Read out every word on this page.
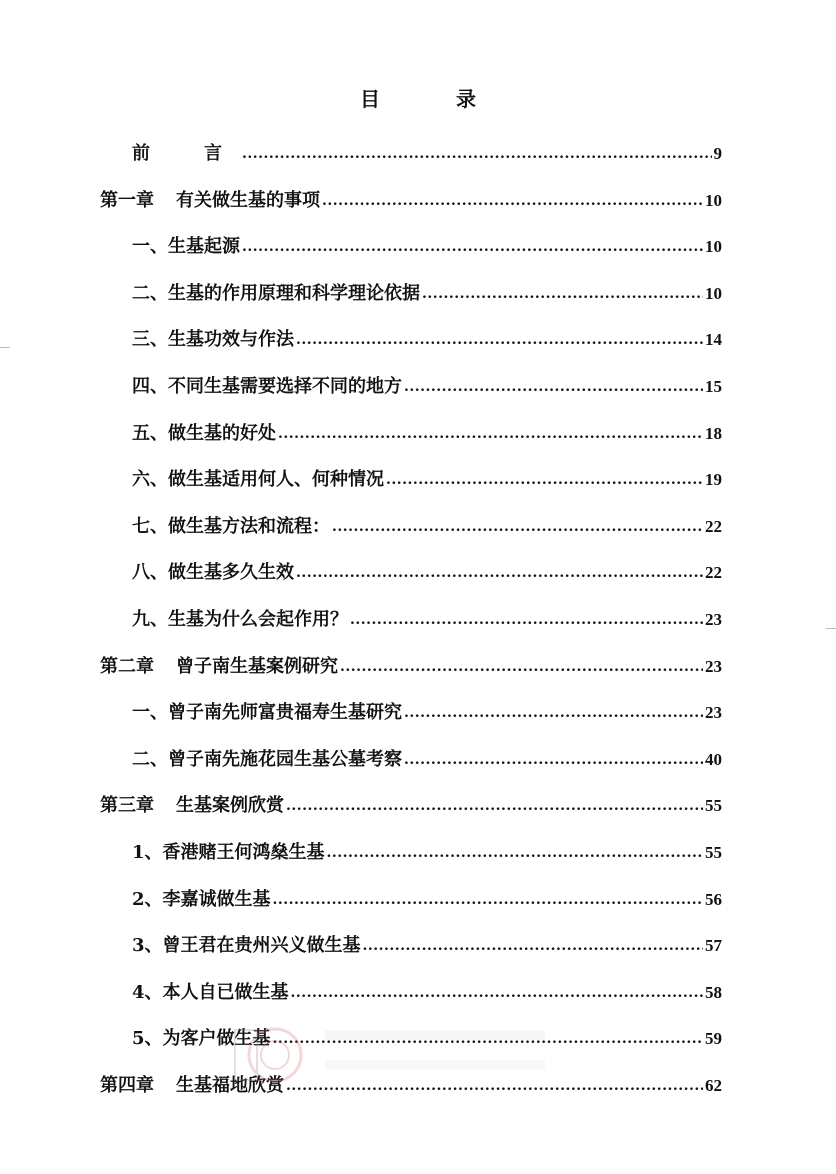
目　录
前　言 .....	9
第一章 有关做生基的事项 .....	10
一、生基起源 .....	10
二、生基的作用原理和科学理论依据 .....	10
三、生基功效与作法 .....	14
四、不同生基需要选择不同的地方 .....	15
五、做生基的好处 .....	18
六、做生基适用何人、何种情况 .....	19
七、做生基方法和流程： .....	22
八、做生基多久生效 .....	22
九、生基为什么会起作用？ .....	23
第二章 曾子南生基案例研究 .....	23
一、曾子南先师富贵福寿生基研究 .....	23
二、曾子南先施花园生基公墓考察 .....	40
第三章 生基案例欣赏 .....	55
1、香港赌王何鸿燊生基 .....	55
2、李嘉诚做生基 .....	56
3、曾王君在贵州兴义做生基 .....	57
4、本人自已做生基 .....	58
5、为客户做生基 .....	59
第四章 生基福地欣赏 .....	62
